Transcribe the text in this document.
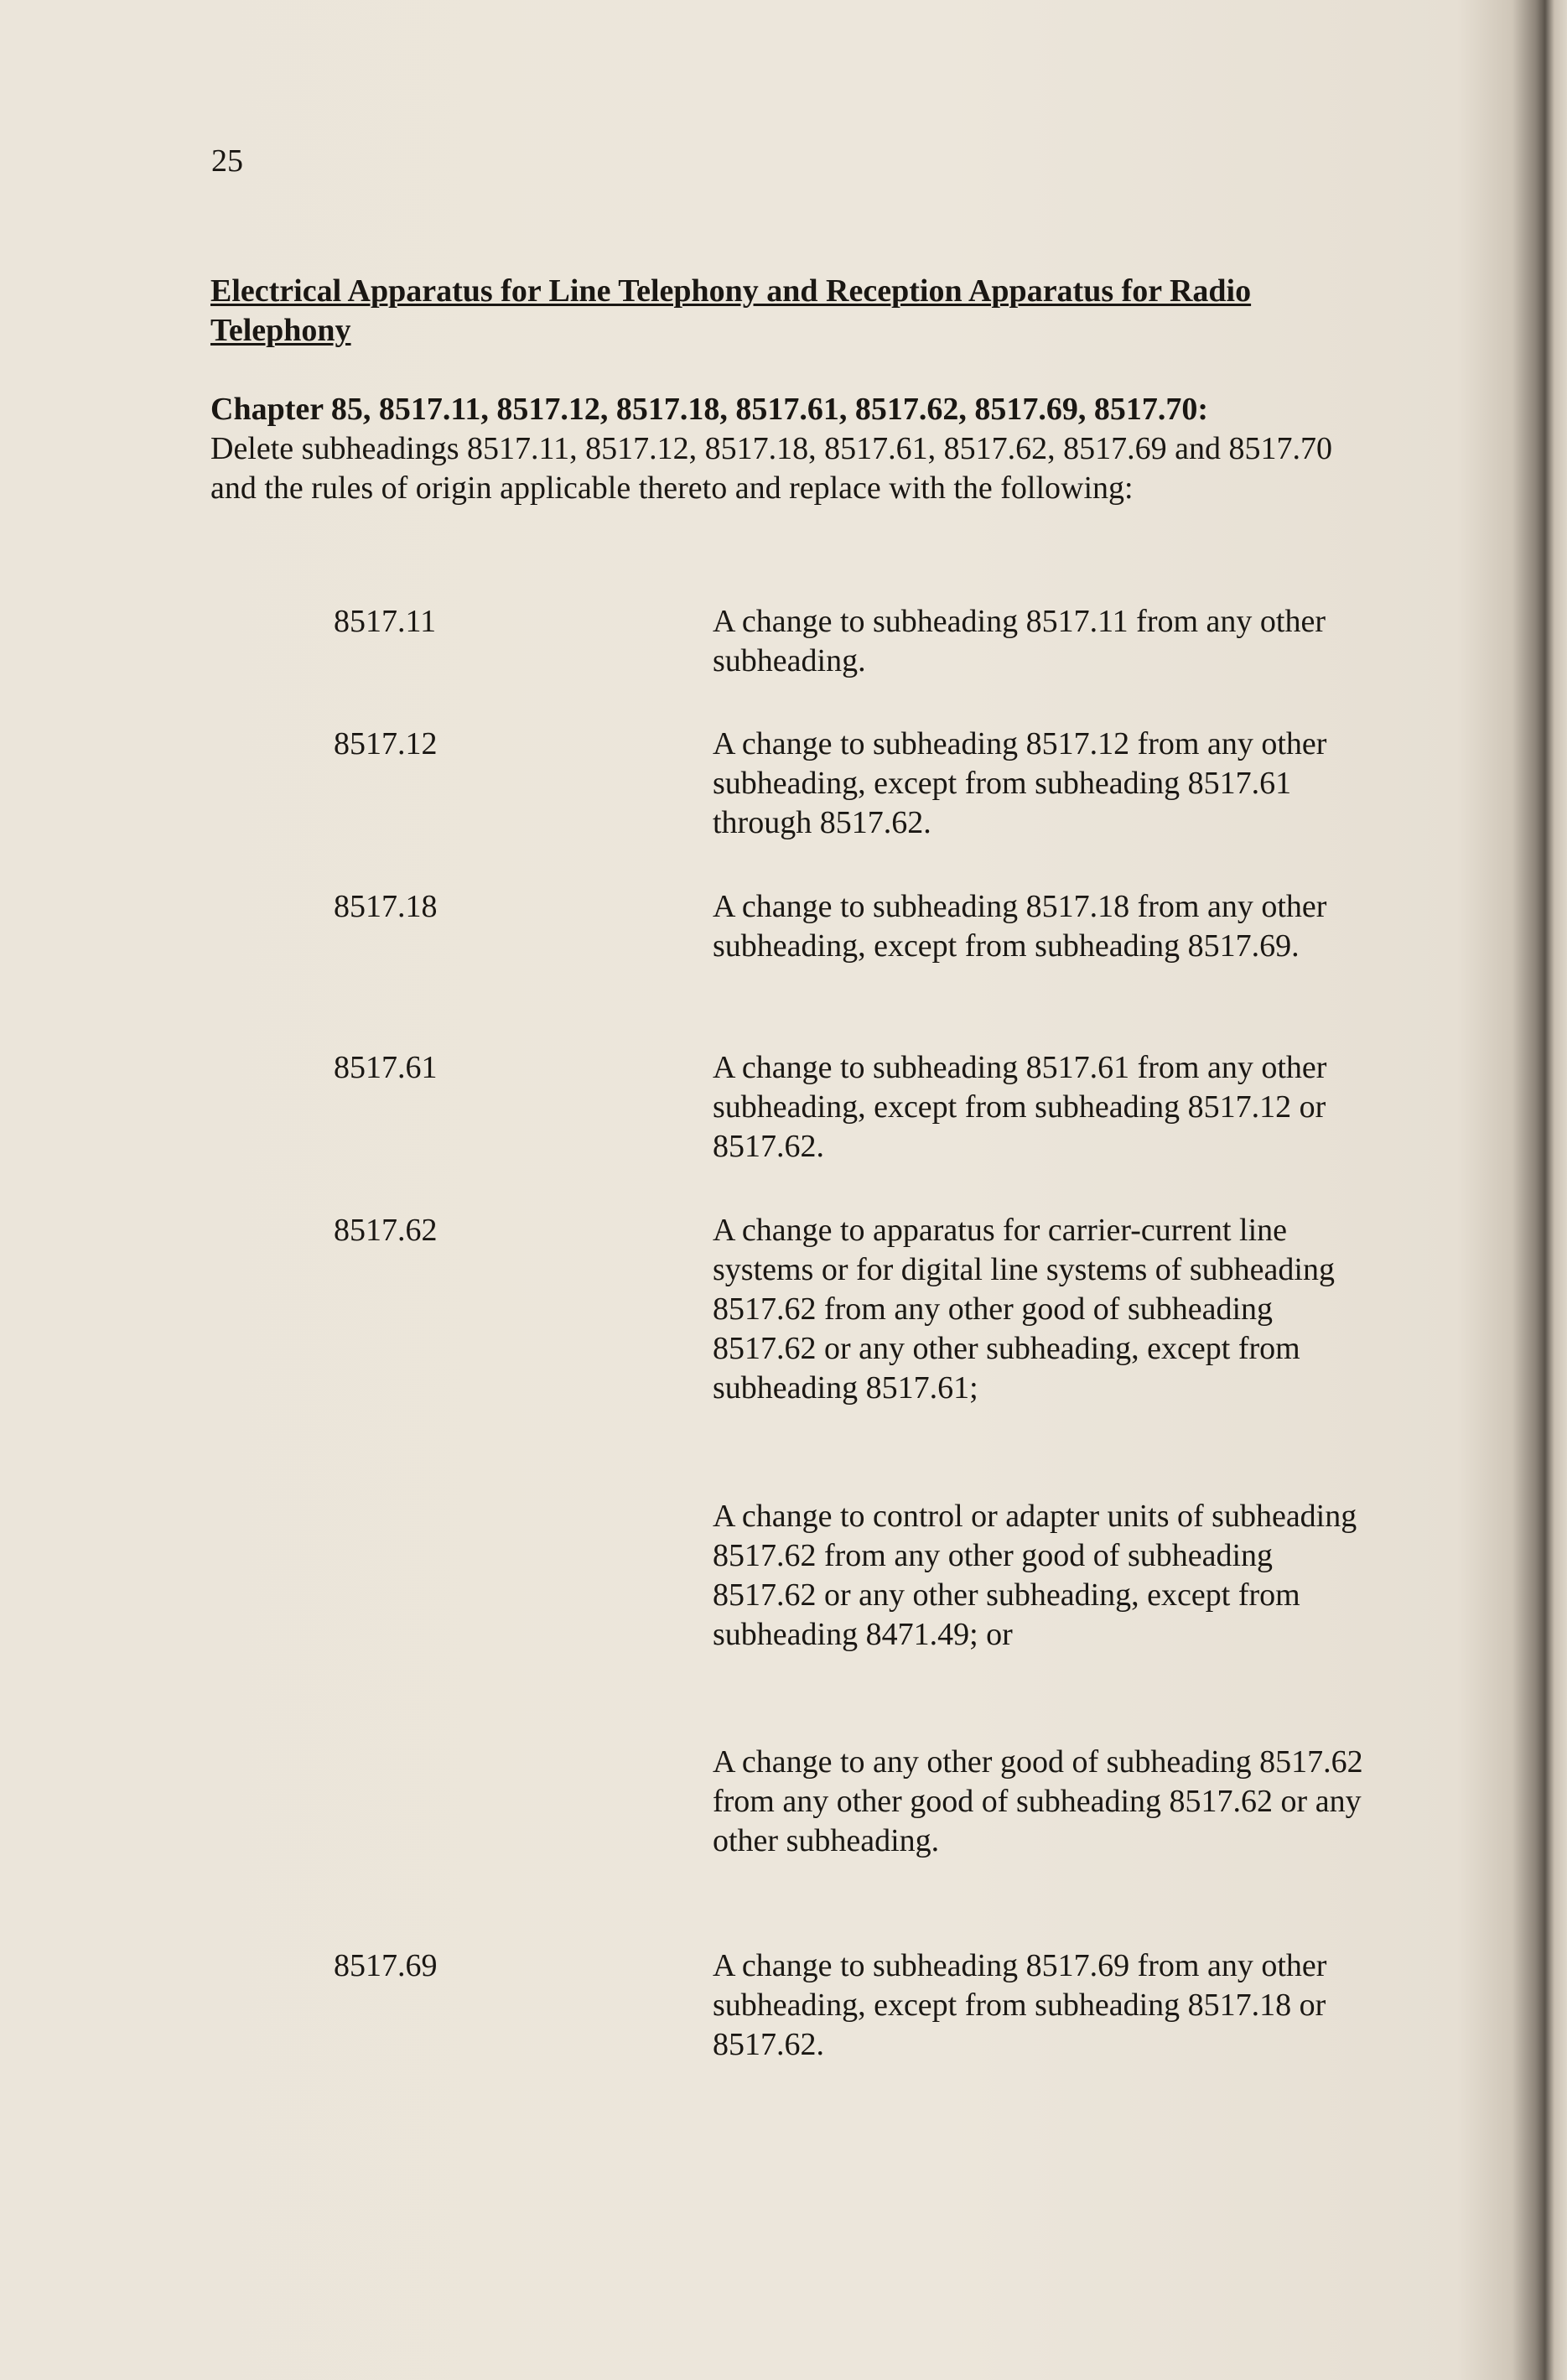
25
Electrical Apparatus for Line Telephony and Reception Apparatus for Radio Telephony
Chapter 85, 8517.11, 8517.12, 8517.18, 8517.61, 8517.62, 8517.69, 8517.70:
Delete subheadings 8517.11, 8517.12, 8517.18, 8517.61, 8517.62, 8517.69 and 8517.70 and the rules of origin applicable thereto and replace with the following:
8517.11	A change to subheading 8517.11 from any other subheading.
8517.12	A change to subheading 8517.12 from any other subheading, except from subheading 8517.61 through 8517.62.
8517.18	A change to subheading 8517.18 from any other subheading, except from subheading 8517.69.
8517.61	A change to subheading 8517.61 from any other subheading, except from subheading 8517.12 or 8517.62.
8517.62	A change to apparatus for carrier-current line systems or for digital line systems of subheading 8517.62 from any other good of subheading 8517.62 or any other subheading, except from subheading 8517.61;
A change to control or adapter units of subheading 8517.62 from any other good of subheading 8517.62 or any other subheading, except from subheading 8471.49; or
A change to any other good of subheading 8517.62 from any other good of subheading 8517.62 or any other subheading.
8517.69	A change to subheading 8517.69 from any other subheading, except from subheading 8517.18 or 8517.62.
